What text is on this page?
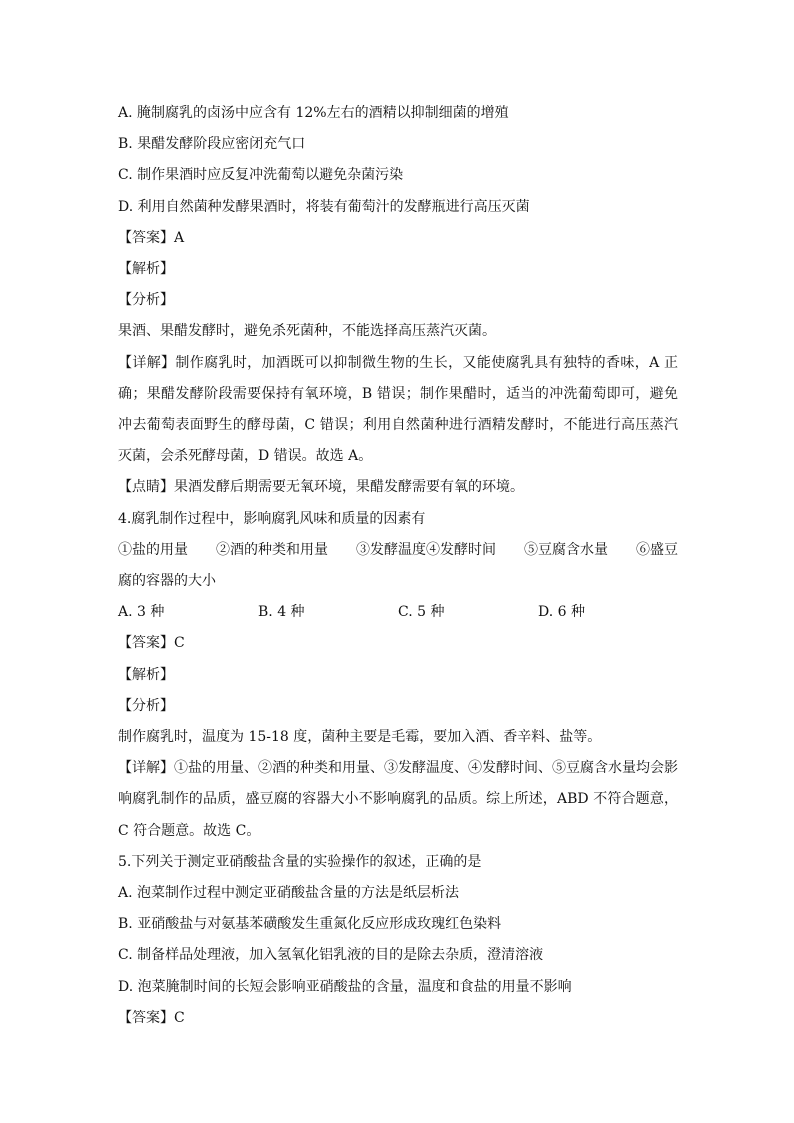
A. 腌制腐乳的卤汤中应含有 12%左右的酒精以抑制细菌的增殖
B. 果醋发酵阶段应密闭充气口
C. 制作果酒时应反复冲洗葡萄以避免杂菌污染
D. 利用自然菌种发酵果酒时，将装有葡萄汁的发酵瓶进行高压灭菌
【答案】A
【解析】
【分析】
果酒、果醋发酵时，避免杀死菌种，不能选择高压蒸汽灭菌。
【详解】制作腐乳时，加酒既可以抑制微生物的生长，又能使腐乳具有独特的香味，A 正确；果醋发酵阶段需要保持有氧环境，B 错误；制作果醋时，适当的冲洗葡萄即可，避免冲去葡萄表面野生的酵母菌，C 错误；利用自然菌种进行酒精发酵时，不能进行高压蒸汽灭菌，会杀死酵母菌，D 错误。故选 A。
【点睛】果酒发酵后期需要无氧环境，果醋发酵需要有氧的环境。
4.腐乳制作过程中，影响腐乳风味和质量的因素有
①盐的用量　　②酒的种类和用量　　③发酵温度④发酵时间　　⑤豆腐含水量　　⑥盛豆腐的容器的大小
A. 3 种	B. 4 种	C. 5 种	D. 6 种
【答案】C
【解析】
【分析】
制作腐乳时，温度为 15-18 度，菌种主要是毛霉，要加入酒、香辛料、盐等。
【详解】①盐的用量、②酒的种类和用量、③发酵温度、④发酵时间、⑤豆腐含水量均会影响腐乳制作的品质，盛豆腐的容器大小不影响腐乳的品质。综上所述，ABD 不符合题意，C 符合题意。故选 C。
5.下列关于测定亚硝酸盐含量的实验操作的叙述，正确的是
A. 泡菜制作过程中测定亚硝酸盐含量的方法是纸层析法
B. 亚硝酸盐与对氨基苯磺酸发生重氮化反应形成玫瑰红色染料
C. 制备样品处理液，加入氢氧化铝乳液的目的是除去杂质，澄清溶液
D. 泡菜腌制时间的长短会影响亚硝酸盐的含量，温度和食盐的用量不影响
【答案】C
